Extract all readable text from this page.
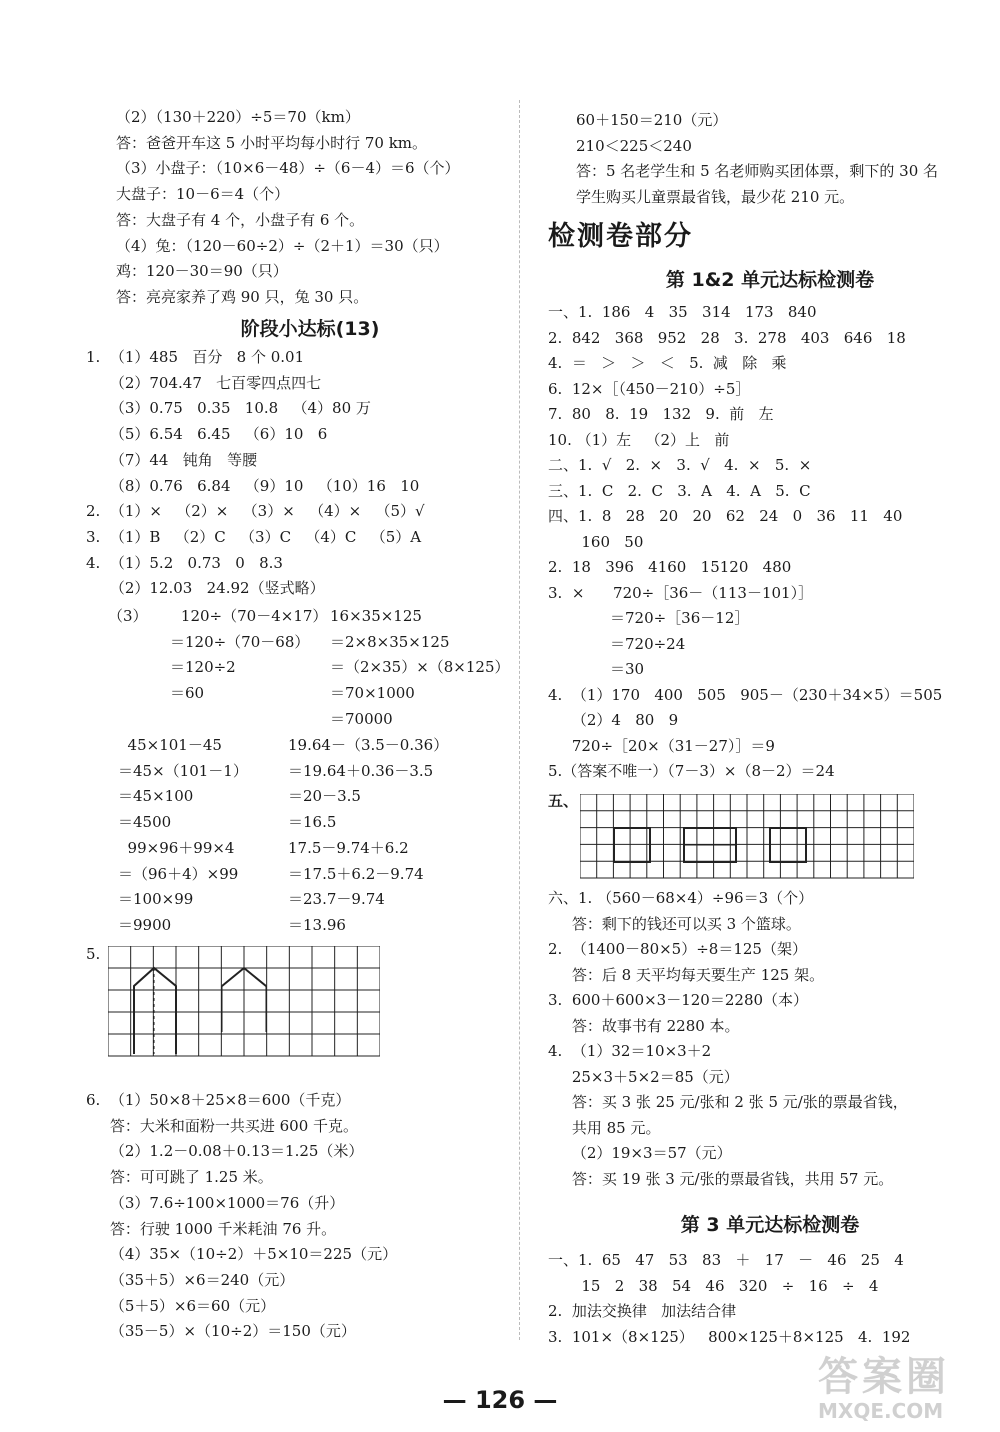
（2）（130＋220）÷5＝70（km）
答：爸爸开车这 5 小时平均每小时行 70 km。
（3）小盘子：（10×6－48）÷（6－4）＝6（个）
大盘子：10－6＝4（个）
答：大盘子有 4 个，小盘子有 6 个。
（4）兔：（120－60÷2）÷（2＋1）＝30（只）
鸡：120－30＝90（只）
答：亮亮家养了鸡 90 只，兔 30 只。
阶段小达标(13)
1.  （1）485   百分   8 个 0.01
（2）704.47   七百零四点四七
（3）0.75   0.35   10.8   （4）80 万
（5）6.54   6.45   （6）10   6
（7）44   钝角   等腰
（8）0.76   6.84   （9）10   （10）16   10
2.  （1）×   （2）×   （3）×   （4）×   （5）√
3.  （1）B   （2）C   （3）C   （4）C   （5）A
4.  （1）5.2   0.73   0   8.3
（2）12.03   24.92（竖式略）
（3）       120÷（70－4×17）
＝120÷（70－68）
＝120÷2
＝60
16×35×125
＝2×8×35×125
＝（2×35）×（8×125）
＝70×1000
＝70000
45×101－45
＝45×（101－1）
＝45×100
＝4500
19.64－（3.5－0.36）
＝19.64＋0.36－3.5
＝20－3.5
＝16.5
99×96＋99×4
＝（96＋4）×99
＝100×99
＝9900
17.5－9.74＋6.2
＝17.5＋6.2－9.74
＝23.7－9.74
＝13.96
5.
6.  （1）50×8＋25×8＝600（千克）
答：大米和面粉一共买进 600 千克。
（2）1.2－0.08＋0.13＝1.25（米）
答：可可跳了 1.25 米。
（3）7.6÷100×1000＝76（升）
答：行驶 1000 千米耗油 76 升。
（4）35×（10÷2）＋5×10＝225（元）
（35＋5）×6＝240（元）
（5＋5）×6＝60（元）
（35－5）×（10÷2）＝150（元）
60＋150＝210（元）
210＜225＜240
答：5 名老学生和 5 名老师购买团体票，剩下的 30 名
学生购买儿童票最省钱，最少花 210 元。
检测卷部分
第 1&2 单元达标检测卷
一、1.  186   4   35   314   173   840
2.  842   368   952   28   3.  278   403   646   18
4.  ＝   ＞   ＞   ＜   5.  减   除   乘
6.  12×［（450－210）÷5］
7.  80   8.  19   132   9.  前   左
10. （1）左   （2）上   前
二、1.  √   2.  ×   3.  √   4.  ×   5.  ×
三、1.  C   2.  C   3.  A   4.  A   5.  C
四、1.  8   28   20   20   62   24   0   36   11   40
160   50
2.  18   396   4160   15120   480
3.  ×      720÷［36－（113－101）］
＝720÷［36－12］
＝720÷24
＝30
4.  （1）170   400   505   905－（230＋34×5）＝505
（2）4   80   9
720÷［20×（31－27）］＝9
5.（答案不唯一）（7－3）×（8－2）＝24
五、
六、1. （560－68×4）÷96＝3（个）
答：剩下的钱还可以买 3 个篮球。
2.  （1400－80×5）÷8＝125（架）
答：后 8 天平均每天要生产 125 架。
3.  600＋600×3－120＝2280（本）
答：故事书有 2280 本。
4.  （1）32＝10×3＋2
25×3＋5×2＝85（元）
答：买 3 张 25 元/张和 2 张 5 元/张的票最省钱，
共用 85 元。
（2）19×3＝57（元）
答：买 19 张 3 元/张的票最省钱，共用 57 元。
第 3 单元达标检测卷
一、1.  65   47   53   83   ＋   17   －   46   25   4
15   2   38   54   46   320   ÷   16   ÷   4
2.  加法交换律   加法结合律
3.  101×（8×125）   800×125＋8×125   4.  192
— 126 —	答案圈
MXQE.COM
